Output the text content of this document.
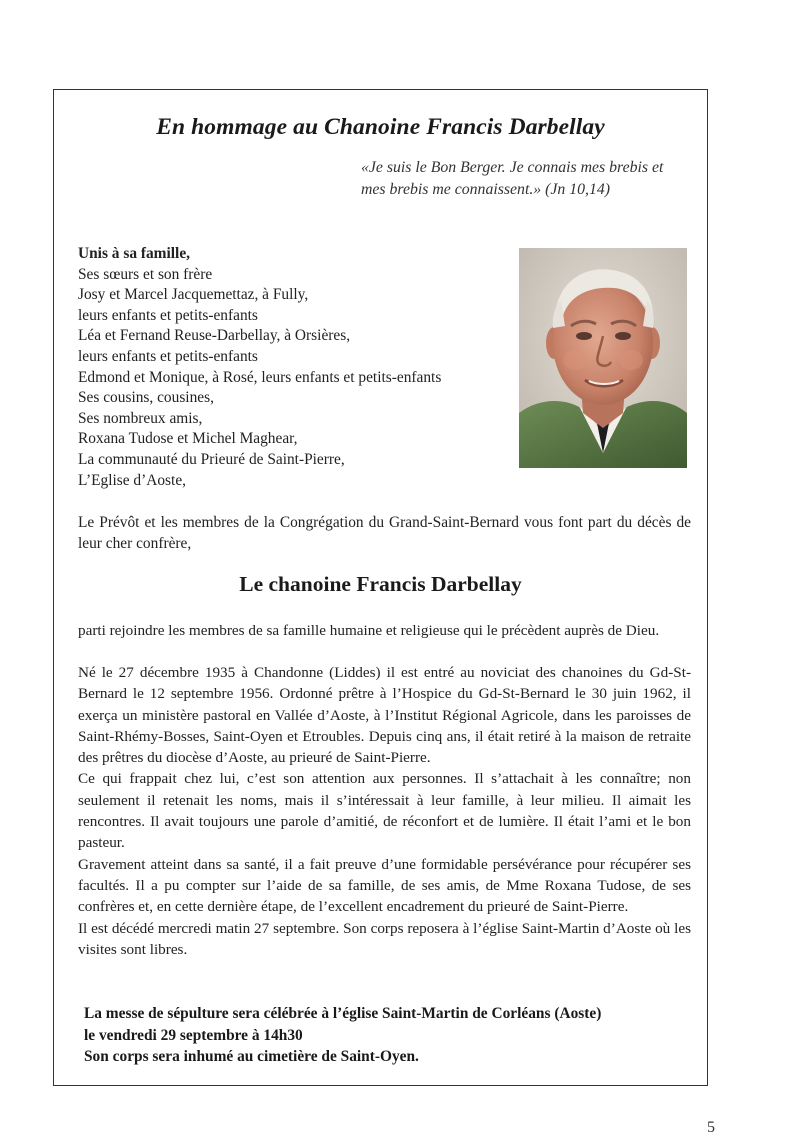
En hommage au Chanoine Francis Darbellay
«Je suis le Bon Berger. Je connais mes brebis et
mes brebis me connaissent.» (Jn 10,14)
Unis à sa famille,
Ses sœurs et son frère
Josy et Marcel Jacquemettaz, à Fully,
leurs enfants et petits-enfants
Léa et Fernand Reuse-Darbellay, à Orsières,
leurs enfants et petits-enfants
Edmond et Monique, à Rosé, leurs enfants et petits-enfants
Ses cousins, cousines,
Ses nombreux amis,
Roxana Tudose et Michel Maghear,
La communauté du Prieuré de Saint-Pierre,
L’Eglise d’Aoste,
Le Prévôt et les membres de la Congrégation du Grand-Saint-Bernard vous font part du décès de leur cher confrère,
Le chanoine Francis Darbellay
parti rejoindre les membres de sa famille humaine et religieuse qui le précèdent auprès de Dieu.

Né le 27 décembre 1935 à Chandonne (Liddes) il est entré au noviciat des chanoines du Gd-St-Bernard le 12 septembre 1956. Ordonné prêtre à l’Hospice du Gd-St-Bernard le 30 juin 1962, il exerça un ministère pastoral en Vallée d’Aoste, à l’Institut Régional Agricole, dans les paroisses de Saint-Rhémy-Bosses, Saint-Oyen et Etroubles. Depuis cinq ans, il était retiré à la maison de retraite des prêtres du diocèse d’Aoste, au prieuré de Saint-Pierre.

Ce qui frappait chez lui, c’est son attention aux personnes. Il s’attachait à les connaître; non seulement il retenait les noms, mais il s’intéressait à leur famille, à leur milieu. Il aimait les rencontres. Il avait toujours une parole d’amitié, de réconfort et de lumière. Il était l’ami et le bon pasteur.

Gravement atteint dans sa santé, il a fait preuve d’une formidable persévérance pour récupérer ses facultés. Il a pu compter sur l’aide de sa famille, de ses amis, de Mme Roxana Tudose, de ses confrères et, en cette dernière étape, de l’excellent encadrement du prieuré de Saint-Pierre.

Il est décédé mercredi matin 27 septembre. Son corps reposera à l’église Saint-Martin d’Aoste où les visites sont libres.

La messe de sépulture sera célébrée à l’église Saint-Martin de Corléans (Aoste)
le vendredi 29 septembre à 14h30
Son corps sera inhumé au cimetière de Saint-Oyen.
5
